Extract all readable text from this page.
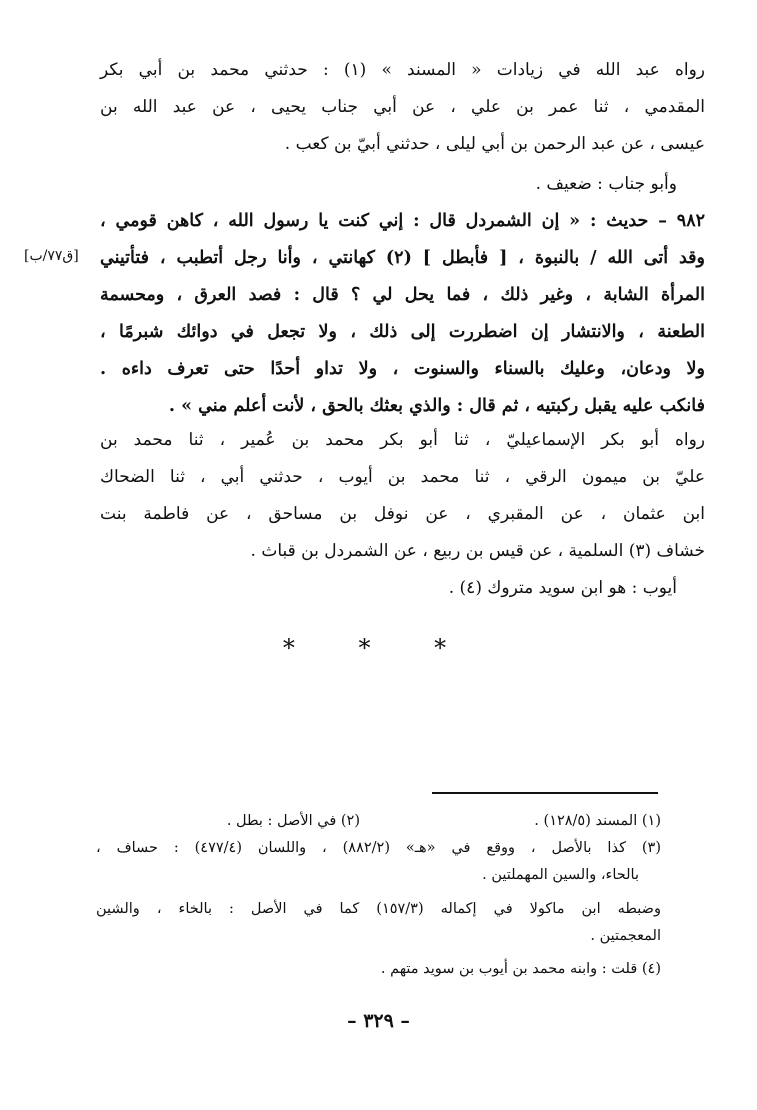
رواه عبد الله في زيادات « المسند » (١) : حدثني محمد بن أبي بكر
المقدمي ، ثنا عمر بن علي ، عن أبي جناب يحيى ، عن عبد الله بن
عيسى ، عن عبد الرحمن بن أبي ليلى ، حدثني أبيّ بن كعب .
وأبو جناب : ضعيف .
٩٨٢ – حديث : « إن الشمردل قال : إني كنت يا رسول الله ، كاهن قومي ،
وقد أتى الله / بالنبوة ، [ فأبطل ] (٢) كهانتي ، وأنا رجل أتطبب ، فتأتيني
المرأة الشابة ، وغير ذلك ، فما يحل لي ؟ قال : فصد العرق ، ومحسمة
الطعنة ، والانتشار إن اضطررت إلى ذلك ، ولا تجعل في دوائك شبرمًا ،
ولا ودعان، وعليك بالسناء والسنوت ، ولا تداو أحدًا حتى تعرف داءه .
فانكب عليه يقبل ركبتيه ، ثم قال : والذي بعثك بالحق ، لأنت أعلم مني » .
[ق٧٧/ب]
رواه أبو بكر الإسماعيليّ ، ثنا أبو بكر محمد بن عُمير ، ثنا محمد بن
عليّ بن ميمون الرقي ، ثنا محمد بن أيوب ، حدثني أبي ، ثنا الضحاك
ابن عثمان ، عن المقبري ، عن نوفل بن مساحق ، عن فاطمة بنت
خشاف (٣) السلمية ، عن قيس بن ربيع ، عن الشمردل بن قباث .
أيوب : هو ابن سويد متروك (٤) .
* * *
(١) المسند (١٢٨/٥) .
(٢) في الأصل : بطل .
(٣) كذا بالأصل ، ووقع في «هـ» (٨٨٢/٢) ، واللسان (٤٧٧/٤) : حساف ،
بالحاء، والسين المهملتين .
وضبطه ابن ماكولا في إكماله (١٥٧/٣) كما في الأصل : بالخاء ، والشين
المعجمتين .
(٤) قلت : وابنه محمد بن أيوب بن سويد متهم .
– ٣٢٩ –
